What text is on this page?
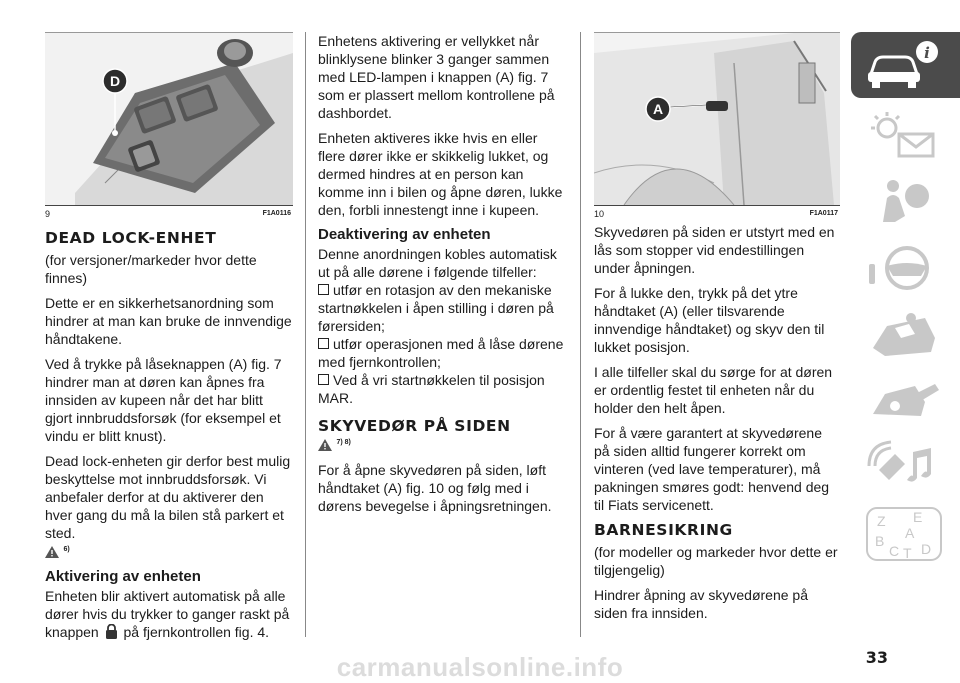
D
9	F1A0116
DEAD LOCK-ENHET

(for versjoner/markeder hvor dette finnes)

Dette er en sikkerhetsanordning som hindrer at man kan bruke de innvendige håndtakene.

Ved å trykke på låseknappen (A) fig. 7 hindrer man at døren kan åpnes fra innsiden av kupeen når det har blitt gjort innbruddsforsøk (for eksempel et vindu er blitt knust).

Dead lock-enheten gir derfor best mulig beskyttelse mot innbruddsforsøk. Vi anbefaler derfor at du aktiverer den hver gang du må la bilen stå parkert et sted.

6)
Aktivering av enheten

Enheten blir aktivert automatisk på alle dører hvis du trykker to ganger raskt på knappen på fjernkontrollen fig. 4.

Enhetens aktivering er vellykket når blinklysene blinker 3 ganger sammen med LED-lampen i knappen (A) fig. 7 som er plassert mellom kontrollene på dashbordet.

Enheten aktiveres ikke hvis en eller flere dører ikke er skikkelig lukket, og dermed hindres at en person kan komme inn i bilen og åpne døren, lukke den, forbli innestengt inne i kupeen.

Deaktivering av enheten

Denne anordningen kobles automatisk ut på alle dørene i følgende tilfeller:

utfør en rotasjon av den mekaniske startnøkkelen i åpen stilling i døren på førersiden;
utfør operasjonen med å låse dørene med fjernkontrollen;
Ved å vri startnøkkelen til posisjon MAR.
SKYVEDØR PÅ SIDEN
7) 8)

For å åpne skyvedøren på siden, løft håndtaket (A) fig. 10 og følg med i dørens bevegelse i åpningsretningen.

A
10	F1A0117

Skyvedøren på siden er utstyrt med en lås som stopper vid endestillingen under åpningen.

For å lukke den, trykk på det ytre håndtaket (A) (eller tilsvarende innvendige håndtaket) og skyv den til lukket posisjon.

I alle tilfeller skal du sørge for at døren er ordentlig festet til enheten når du holder den helt åpen.

For å være garantert at skyvedørene på siden alltid fungerer korrekt om vinteren (ved lave temperaturer), må pakningen smøres godt: henvend deg til Fiats servicenett.

BARNESIKRING

(for modeller og markeder hvor dette er tilgjengelig)

Hindrer åpning av skyvedørene på siden fra innsiden.

i
Z E
A
B
C D
T
33
carmanualsonline.info
